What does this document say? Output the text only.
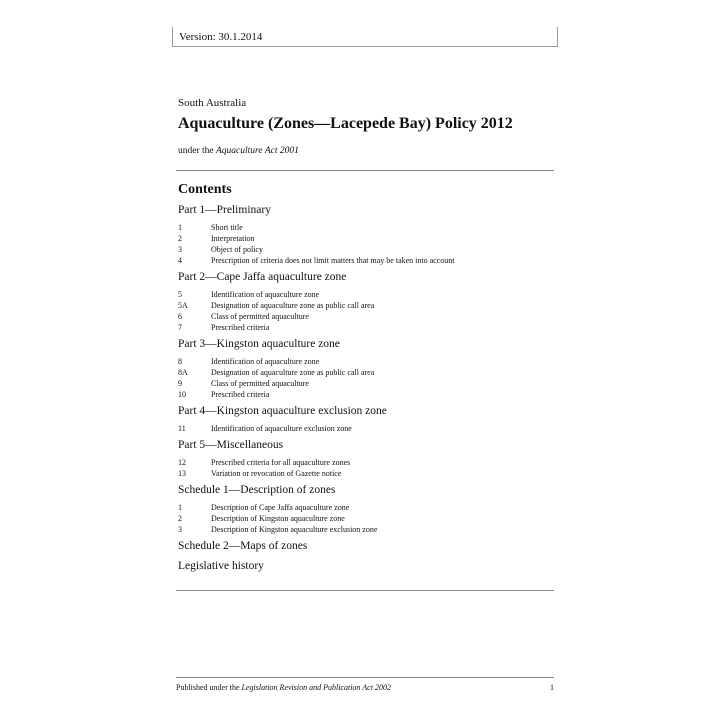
Version: 30.1.2014
South Australia
Aquaculture (Zones—Lacepede Bay) Policy 2012
under the Aquaculture Act 2001
Contents
Part 1—Preliminary
1	Short title
2	Interpretation
3	Object of policy
4	Prescription of criteria does not limit matters that may be taken into account
Part 2—Cape Jaffa aquaculture zone
5	Identification of aquaculture zone
5A	Designation of aquaculture zone as public call area
6	Class of permitted aquaculture
7	Prescribed criteria
Part 3—Kingston aquaculture zone
8	Identification of aquaculture zone
8A	Designation of aquaculture zone as public call area
9	Class of permitted aquaculture
10	Prescribed criteria
Part 4—Kingston aquaculture exclusion zone
11	Identification of aquaculture exclusion zone
Part 5—Miscellaneous
12	Prescribed criteria for all aquaculture zones
13	Variation or revocation of Gazette notice
Schedule 1—Description of zones
1	Description of Cape Jaffa aquaculture zone
2	Description of Kingston aquaculture zone
3	Description of Kingston aquaculture exclusion zone
Schedule 2—Maps of zones
Legislative history
Published under the Legislation Revision and Publication Act 2002	1
